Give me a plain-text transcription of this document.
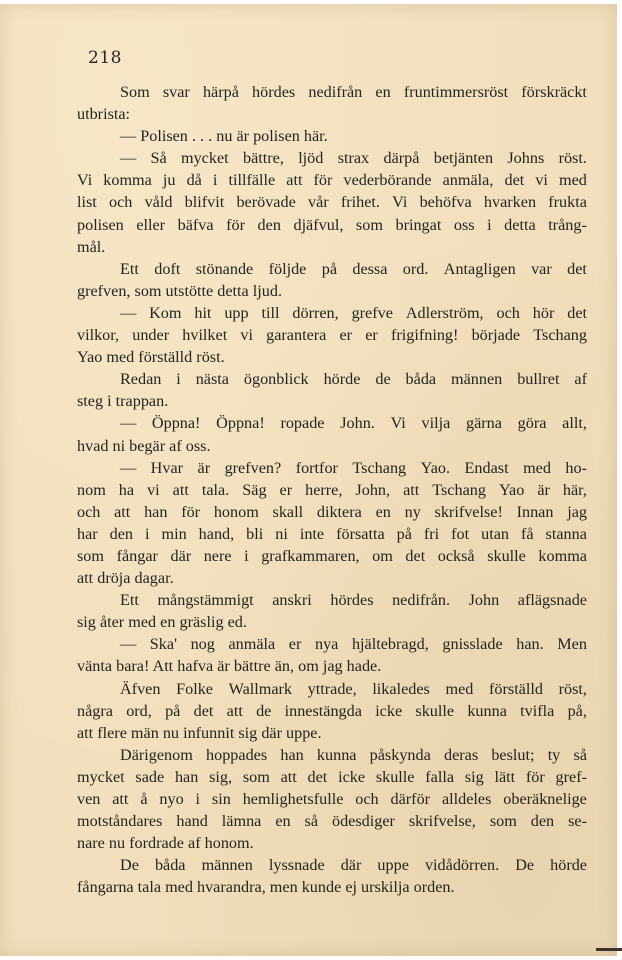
218
Som svar härpå hördes nedifrån en fruntimmersröst förskräckt
utbrista:
— Polisen . . . nu är polisen här.
— Så mycket bättre, ljöd strax därpå betjänten Johns röst.
Vi komma ju då i tillfälle att för vederbörande anmäla, det vi med
list och våld blifvit berövade vår frihet. Vi behöfva hvarken frukta
polisen eller bäfva för den djäfvul, som bringat oss i detta trång-
mål.
Ett doft stönande följde på dessa ord. Antagligen var det
grefven, som utstötte detta ljud.
— Kom hit upp till dörren, grefve Adlerström, och hör det
vilkor, under hvilket vi garantera er er frigifning! började Tschang
Yao med förställd röst.
Redan i nästa ögonblick hörde de båda männen bullret af
steg i trappan.
— Öppna! Öppna! ropade John. Vi vilja gärna göra allt,
hvad ni begär af oss.
— Hvar är grefven? fortfor Tschang Yao. Endast med ho-
nom ha vi att tala. Säg er herre, John, att Tschang Yao är här,
och att han för honom skall diktera en ny skrifvelse! Innan jag
har den i min hand, bli ni inte försatta på fri fot utan få stanna
som fångar där nere i grafkammaren, om det också skulle komma
att dröja dagar.
Ett mångstämmigt anskri hördes nedifrån. John aflägsnade
sig åter med en gräslig ed.
— Ska' nog anmäla er nya hjältebragd, gnisslade han. Men
vänta bara! Att hafva är bättre än, om jag hade.
Äfven Folke Wallmark yttrade, likaledes med förställd röst,
några ord, på det att de innestängda icke skulle kunna tvifla på,
att flere män nu infunnit sig där uppe.
Därigenom hoppades han kunna påskynda deras beslut; ty så
mycket sade han sig, som att det icke skulle falla sig lätt för gref-
ven att å nyo i sin hemlighetsfulle och därför alldeles oberäknelige
motståndares hand lämna en så ödesdiger skrifvelse, som den se-
nare nu fordrade af honom.
De båda männen lyssnade där uppe vidådörren. De hörde
fångarna tala med hvarandra, men kunde ej urskilja orden.
